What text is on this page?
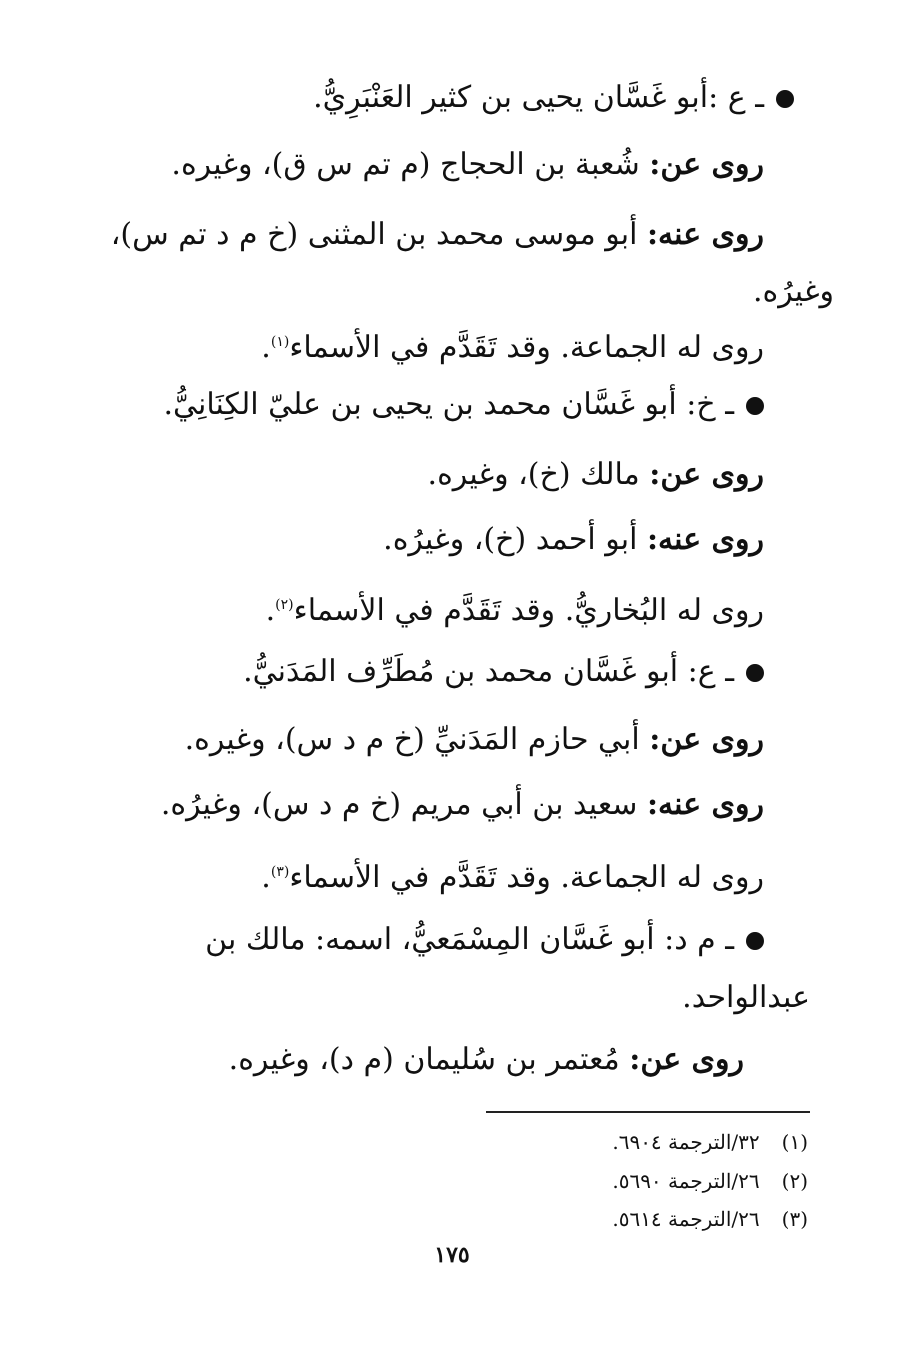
ـ ع :أبو غَسَّان يحيى بن كثير العَنْبَرِيُّ.
روى عن: شُعبة بن الحجاج (م تم س ق)، وغيره.
روى عنه: أبو موسى محمد بن المثنى (خ م د تم س)،
وغيرُه.
روى له الجماعة. وقد تَقَدَّم في الأسماء$^{(١)}$.
ـ خ: أبو غَسَّان محمد بن يحيى بن عليّ الكِنَانِيُّ.
روى عن: مالك (خ)، وغيره.
روى عنه: أبو أحمد (خ)، وغيرُه.
روى له البُخاريُّ. وقد تَقَدَّم في الأسماء$^{(٢)}$.
ـ ع: أبو غَسَّان محمد بن مُطَرِّف المَدَنيُّ.
روى عن: أبي حازم المَدَنيِّ (خ م د س)، وغيره.
روى عنه: سعيد بن أبي مريم (خ م د س)، وغيرُه.
روى له الجماعة. وقد تَقَدَّم في الأسماء$^{(٣)}$.
ـ م د: أبو غَسَّان المِسْمَعيُّ، اسمه: مالك بن
عبدالواحد.
روى عن: مُعتمر بن سُليمان (م د)، وغيره.
(١)٣٢/الترجمة ٦٩٠٤.
(٢)٢٦/الترجمة ٥٦٩٠.
(٣)٢٦/الترجمة ٥٦١٤.
١٧٥
